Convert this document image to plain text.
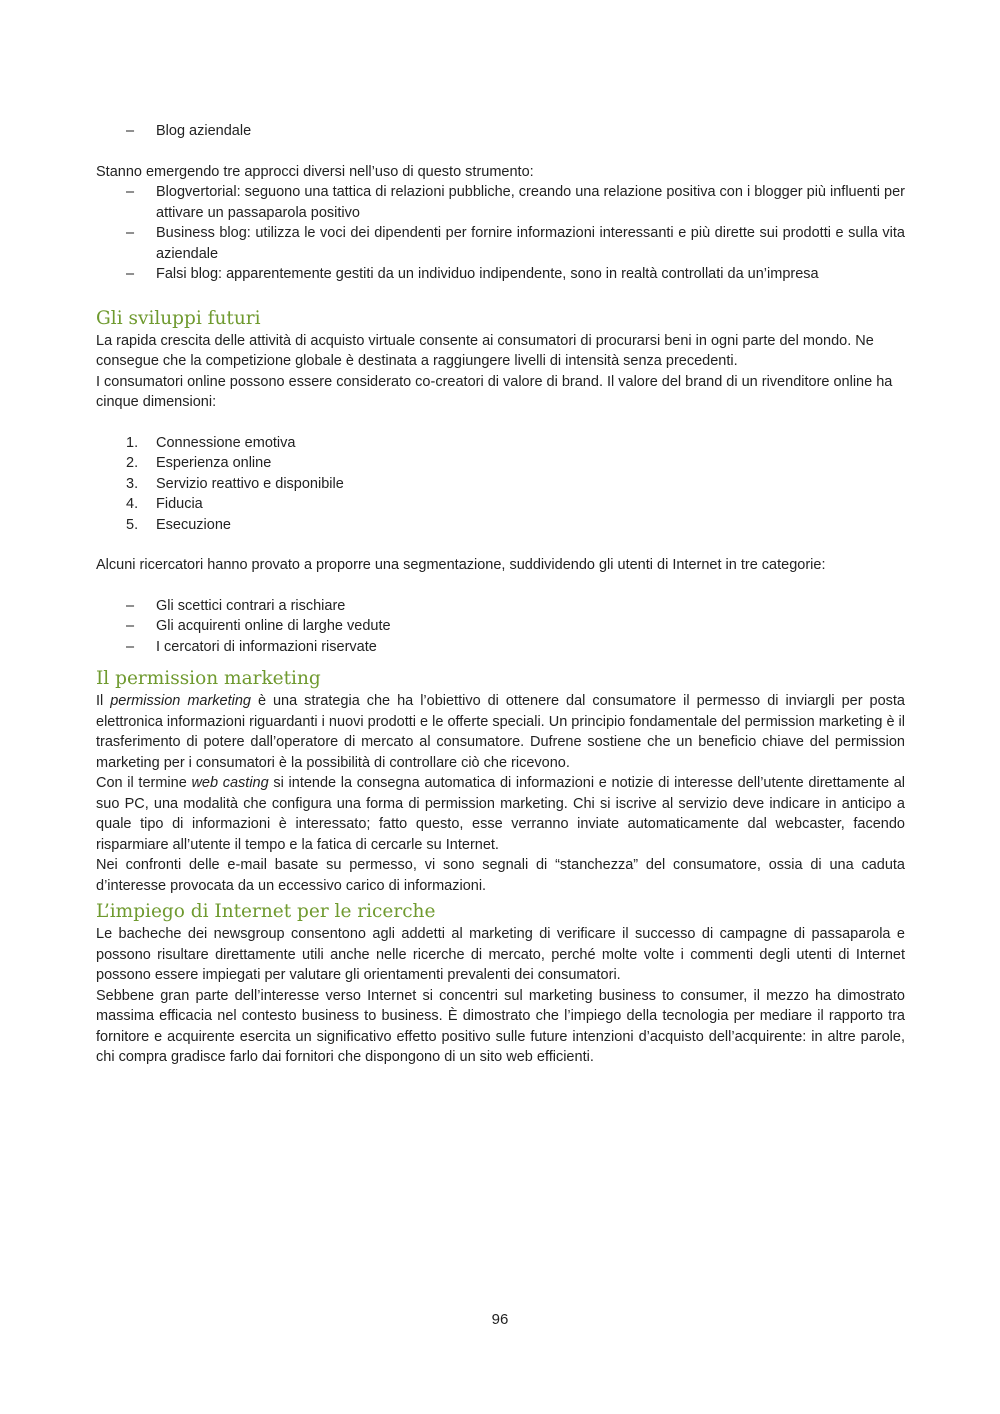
– Blog aziendale

Stanno emergendo tre approcci diversi nell’uso di questo strumento:

– Blogvertorial: seguono una tattica di relazioni pubbliche, creando una relazione positiva con i blogger più influenti per attivare un passaparola positivo
– Business blog: utilizza le voci dei dipendenti per fornire informazioni interessanti e più dirette sui prodotti e sulla vita aziendale
– Falsi blog: apparentemente gestiti da un individuo indipendente, sono in realtà controllati da un’impresa
Gli sviluppi futuri

La rapida crescita delle attività di acquisto virtuale consente ai consumatori di procurarsi beni in ogni parte del mondo. Ne consegue che la competizione globale è destinata a raggiungere livelli di intensità senza precedenti.

I consumatori online possono essere considerato co-creatori di valore di brand. Il valore del brand di un rivenditore online ha cinque dimensioni:

1. Connessione emotiva
2. Esperienza online
3. Servizio reattivo e disponibile
4. Fiducia
5. Esecuzione

Alcuni ricercatori hanno provato a proporre una segmentazione, suddividendo gli utenti di Internet in tre categorie:

– Gli scettici contrari a rischiare
– Gli acquirenti online di larghe vedute
– I cercatori di informazioni riservate
Il permission marketing

Il permission marketing è una strategia che ha l’obiettivo di ottenere dal consumatore il permesso di inviargli per posta elettronica informazioni riguardanti i nuovi prodotti e le offerte speciali. Un principio fondamentale del permission marketing è il trasferimento di potere dall’operatore di mercato al consumatore. Dufrene sostiene che un beneficio chiave del permission marketing per i consumatori è la possibilità di controllare ciò che ricevono.

Con il termine web casting si intende la consegna automatica di informazioni e notizie di interesse dell’utente direttamente al suo PC, una modalità che configura una forma di permission marketing. Chi si iscrive al servizio deve indicare in anticipo a quale tipo di informazioni è interessato; fatto questo, esse verranno inviate automaticamente dal webcaster, facendo risparmiare all’utente il tempo e la fatica di cercarle su Internet.

Nei confronti delle e-mail basate su permesso, vi sono segnali di “stanchezza” del consumatore, ossia di una caduta d’interesse provocata da un eccessivo carico di informazioni.

L’impiego di Internet per le ricerche

Le bacheche dei newsgroup consentono agli addetti al marketing di verificare il successo di campagne di passaparola e possono risultare direttamente utili anche nelle ricerche di mercato, perché molte volte i commenti degli utenti di Internet possono essere impiegati per valutare gli orientamenti prevalenti dei consumatori.

Sebbene gran parte dell’interesse verso Internet si concentri sul marketing business to consumer, il mezzo ha dimostrato massima efficacia nel contesto business to business. È dimostrato che l’impiego della tecnologia per mediare il rapporto tra fornitore e acquirente esercita un significativo effetto positivo sulle future intenzioni d’acquisto dell’acquirente: in altre parole, chi compra gradisce farlo dai fornitori che dispongono di un sito web efficienti.

96
